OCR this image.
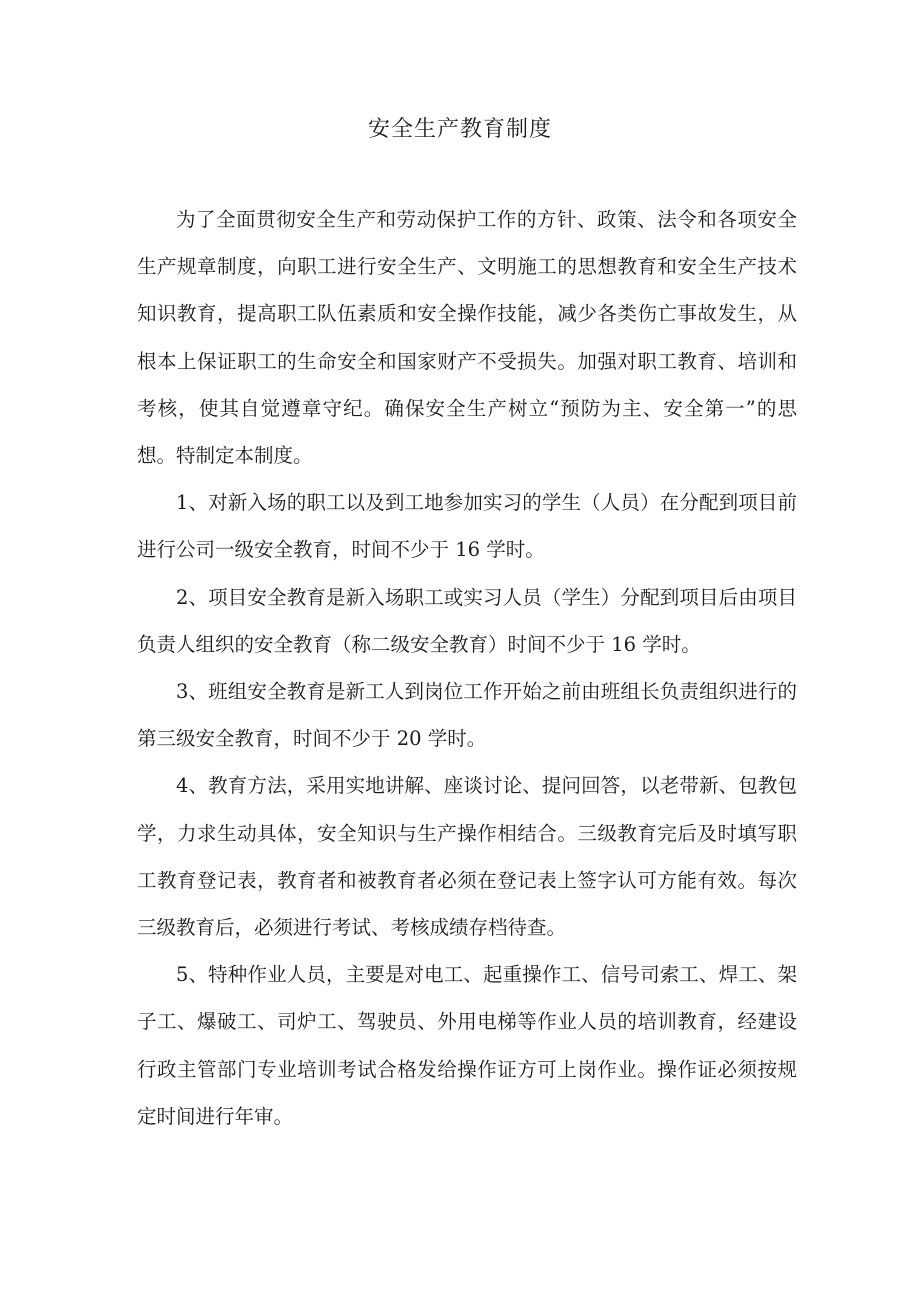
安全生产教育制度

为了全面贯彻安全生产和劳动保护工作的方针、政策、法令和各项安全生产规章制度，向职工进行安全生产、文明施工的思想教育和安全生产技术知识教育，提高职工队伍素质和安全操作技能，减少各类伤亡事故发生，从根本上保证职工的生命安全和国家财产不受损失。加强对职工教育、培训和考核，使其自觉遵章守纪。确保安全生产树立“预防为主、安全第一”的思想。特制定本制度。

1、对新入场的职工以及到工地参加实习的学生（人员）在分配到项目前进行公司一级安全教育，时间不少于 16 学时。

2、项目安全教育是新入场职工或实习人员（学生）分配到项目后由项目负责人组织的安全教育（称二级安全教育）时间不少于 16 学时。

3、班组安全教育是新工人到岗位工作开始之前由班组长负责组织进行的第三级安全教育，时间不少于 20 学时。

4、教育方法，采用实地讲解、座谈讨论、提问回答，以老带新、包教包学，力求生动具体，安全知识与生产操作相结合。三级教育完后及时填写职工教育登记表，教育者和被教育者必须在登记表上签字认可方能有效。每次三级教育后，必须进行考试、考核成绩存档待查。

5、特种作业人员，主要是对电工、起重操作工、信号司索工、焊工、架子工、爆破工、司炉工、驾驶员、外用电梯等作业人员的培训教育，经建设行政主管部门专业培训考试合格发给操作证方可上岗作业。操作证必须按规定时间进行年审。
